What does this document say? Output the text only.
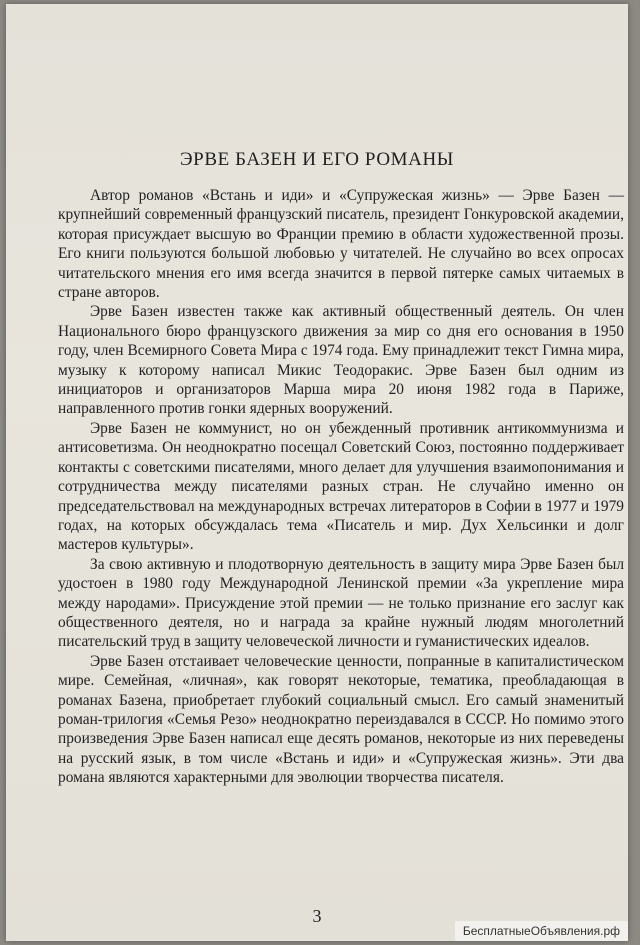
ЭРВЕ БАЗЕН И ЕГО РОМАНЫ

Автор романов «Встань и иди» и «Супружеская жизнь» — Эрве Базен — крупнейший современный французский писатель, президент Гонкуровской академии, которая присуждает высшую во Франции премию в области художественной прозы. Его книги пользуются большой любовью у читателей. Не случайно во всех опросах читательского мнения его имя всегда значится в первой пятерке самых читаемых в стране авторов.

Эрве Базен известен также как активный общественный деятель. Он член Национального бюро французского движения за мир со дня его основания в 1950 году, член Всемирного Совета Мира с 1974 года. Ему принадлежит текст Гимна мира, музыку к которому написал Микис Теодоракис. Эрве Базен был одним из инициаторов и организаторов Марша мира 20 июня 1982 года в Париже, направленного против гонки ядерных вооружений.

Эрве Базен не коммунист, но он убежденный противник антикоммунизма и антисоветизма. Он неоднократно посещал Советский Союз, постоянно поддерживает контакты с советскими писателями, много делает для улучшения взаимопонимания и сотрудничества между писателями разных стран. Не случайно именно он председательствовал на международных встречах литераторов в Софии в 1977 и 1979 годах, на которых обсуждалась тема «Писатель и мир. Дух Хельсинки и долг мастеров культуры».

За свою активную и плодотворную деятельность в защиту мира Эрве Базен был удостоен в 1980 году Международной Ленинской премии «За укрепление мира между народами». Присуждение этой премии — не только признание его заслуг как общественного деятеля, но и награда за крайне нужный людям многолетний писательский труд в защиту человеческой личности и гуманистических идеалов.

Эрве Базен отстаивает человеческие ценности, попранные в капиталистическом мире. Семейная, «личная», как говорят некоторые, тематика, преобладающая в романах Базена, приобретает глубокий социальный смысл. Его самый знаменитый роман-трилогия «Семья Резо» неоднократно переиздавался в СССР. Но помимо этого произведения Эрве Базен написал еще десять романов, некоторые из них переведены на русский язык, в том числе «Встань и иди» и «Супружеская жизнь». Эти два романа являются характерными для эволюции творчества писателя.

3
БесплатныеОбъявления.рф
